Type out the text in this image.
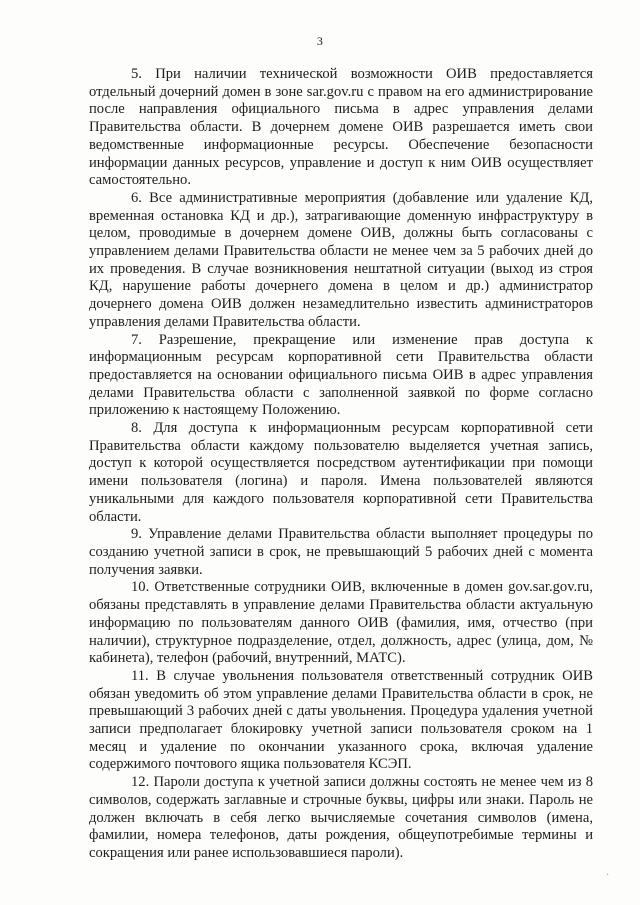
3

5. При наличии технической возможности ОИВ предоставляется отдельный дочерний домен в зоне sar.gov.ru с правом на его администрирование после направления официального письма в адрес управления делами Правительства области. В дочернем домене ОИВ разрешается иметь свои ведомственные информационные ресурсы. Обеспечение безопасности информации данных ресурсов, управление и доступ к ним ОИВ осуществляет самостоятельно.

6. Все административные мероприятия (добавление или удаление КД, временная остановка КД и др.), затрагивающие доменную инфраструктуру в целом, проводимые в дочернем домене ОИВ, должны быть согласованы с управлением делами Правительства области не менее чем за 5 рабочих дней до их проведения. В случае возникновения нештатной ситуации (выход из строя КД, нарушение работы дочернего домена в целом и др.) администратор дочернего домена ОИВ должен незамедлительно известить администраторов управления делами Правительства области.

7. Разрешение, прекращение или изменение прав доступа к информационным ресурсам корпоративной сети Правительства области предоставляется на основании официального письма ОИВ в адрес управления делами Правительства области с заполненной заявкой по форме согласно приложению к настоящему Положению.

8. Для доступа к информационным ресурсам корпоративной сети Правительства области каждому пользователю выделяется учетная запись, доступ к которой осуществляется посредством аутентификации при помощи имени пользователя (логина) и пароля. Имена пользователей являются уникальными для каждого пользователя корпоративной сети Правительства области.

9. Управление делами Правительства области выполняет процедуры по созданию учетной записи в срок, не превышающий 5 рабочих дней с момента получения заявки.

10. Ответственные сотрудники ОИВ, включенные в домен gov.sar.gov.ru, обязаны представлять в управление делами Правительства области актуальную информацию по пользователям данного ОИВ (фамилия, имя, отчество (при наличии), структурное подразделение, отдел, должность, адрес (улица, дом, № кабинета), телефон (рабочий, внутренний, МАТС).

11. В случае увольнения пользователя ответственный сотрудник ОИВ обязан уведомить об этом управление делами Правительства области в срок, не превышающий 3 рабочих дней с даты увольнения. Процедура удаления учетной записи предполагает блокировку учетной записи пользователя сроком на 1 месяц и удаление по окончании указанного срока, включая удаление содержимого почтового ящика пользователя КСЭП.

12. Пароли доступа к учетной записи должны состоять не менее чем из 8 символов, содержать заглавные и строчные буквы, цифры или знаки. Пароль не должен включать в себя легко вычисляемые сочетания символов (имена, фамилии, номера телефонов, даты рождения, общеупотребимые термины и сокращения или ранее использовавшиеся пароли).

·
